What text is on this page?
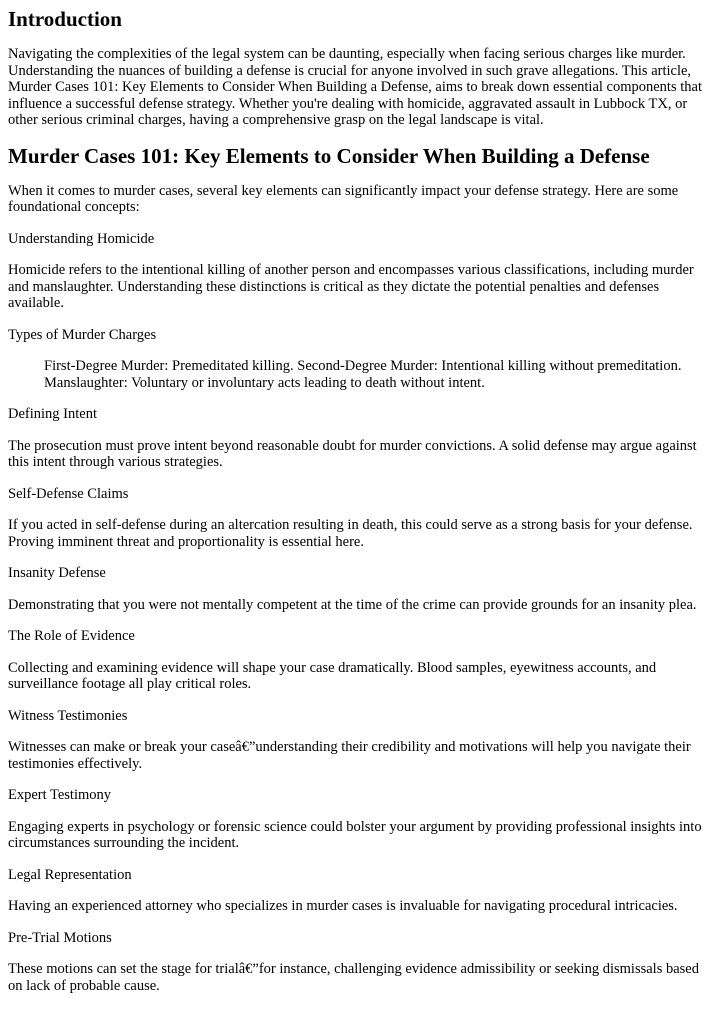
Introduction

Navigating the complexities of the legal system can be daunting, especially when facing serious charges like murder. Understanding the nuances of building a defense is crucial for anyone involved in such grave allegations. This article, Murder Cases 101: Key Elements to Consider When Building a Defense, aims to break down essential components that influence a successful defense strategy. Whether you're dealing with homicide, aggravated assault in Lubbock TX, or other serious criminal charges, having a comprehensive grasp on the legal landscape is vital.

Murder Cases 101: Key Elements to Consider When Building a Defense

When it comes to murder cases, several key elements can significantly impact your defense strategy. Here are some foundational concepts:

Understanding Homicide

Homicide refers to the intentional killing of another person and encompasses various classifications, including murder and manslaughter. Understanding these distinctions is critical as they dictate the potential penalties and defenses available.

Types of Murder Charges

First-Degree Murder: Premeditated killing. Second-Degree Murder: Intentional killing without premeditation. Manslaughter: Voluntary or involuntary acts leading to death without intent.

Defining Intent

The prosecution must prove intent beyond reasonable doubt for murder convictions. A solid defense may argue against this intent through various strategies.

Self-Defense Claims

If you acted in self-defense during an altercation resulting in death, this could serve as a strong basis for your defense. Proving imminent threat and proportionality is essential here.

Insanity Defense

Demonstrating that you were not mentally competent at the time of the crime can provide grounds for an insanity plea.

The Role of Evidence

Collecting and examining evidence will shape your case dramatically. Blood samples, eyewitness accounts, and surveillance footage all play critical roles.

Witness Testimonies

Witnesses can make or break your caseâ€”understanding their credibility and motivations will help you navigate their testimonies effectively.

Expert Testimony

Engaging experts in psychology or forensic science could bolster your argument by providing professional insights into circumstances surrounding the incident.

Legal Representation

Having an experienced attorney who specializes in murder cases is invaluable for navigating procedural intricacies.

Pre-Trial Motions

These motions can set the stage for trialâ€”for instance, challenging evidence admissibility or seeking dismissals based on lack of probable cause.
